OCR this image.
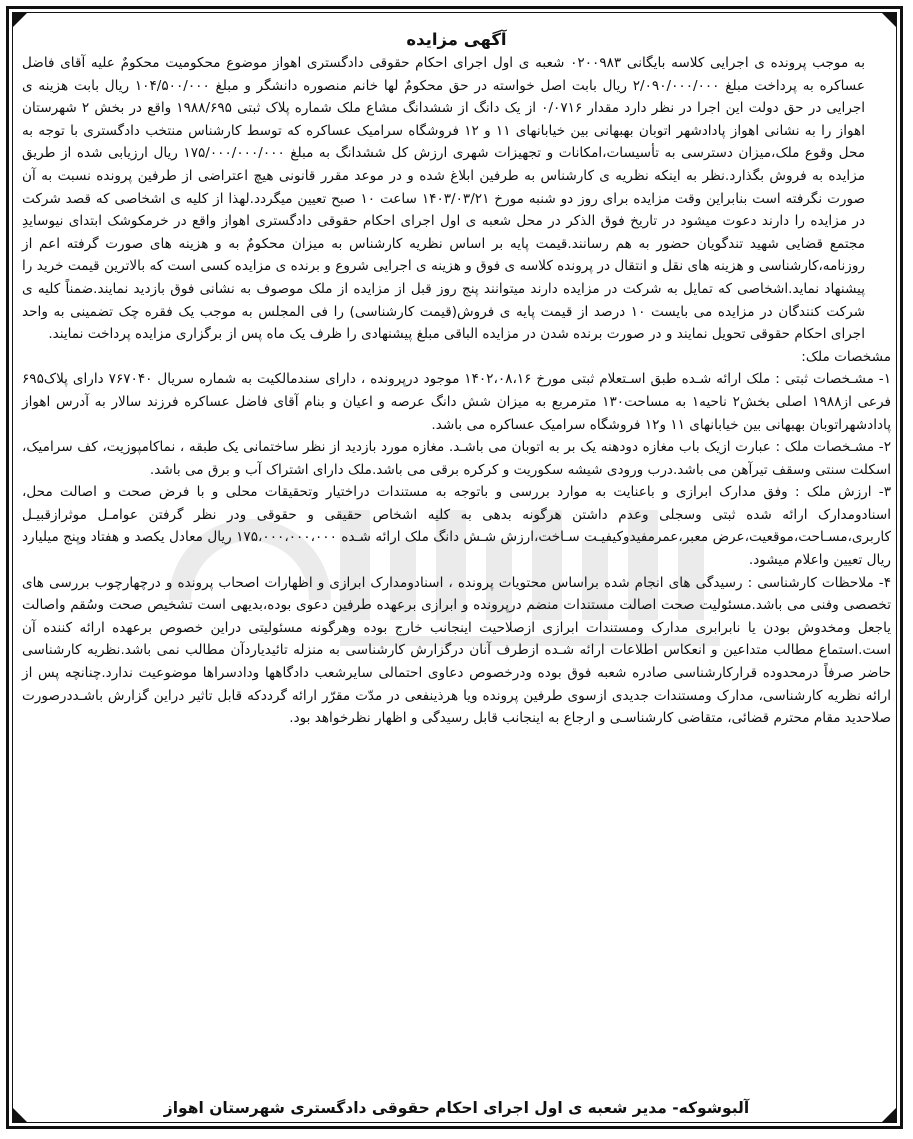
آگهی مزایده
به موجب پرونده ی اجرایی کلاسه بایگانی ۰۲۰۰۹۸۳ شعبه ی اول اجرای احکام حقوقی دادگستری اهواز موضوع محکومیت محکومٌ علیه آقای فاضل عساکره به پرداخت مبلغ ۲/۰۹۰/۰۰۰/۰۰۰ ریال بابت اصل خواسته در حق محکومٌ لها خانم منصوره دانشگر و مبلغ ۱۰۴/۵۰۰/۰۰۰ ریال بابت هزینه ی اجرایی در حق دولت این اجرا در نظر دارد مقدار ۰/۰۷۱۶ از یک دانگ از ششدانگ مشاع ملک شماره پلاک ثبتی ۱۹۸۸/۶۹۵ واقع در بخش ۲ شهرستان اهواز را به نشانی اهواز پادادشهر اتوبان بهبهانی بین خیابانهای ۱۱ و ۱۲ فروشگاه سرامیک عساکره که توسط کارشناس منتخب دادگستری با توجه به محل وقوع ملک،میزان دسترسی به تأسیسات،امکانات و تجهیزات شهری ارزش کل ششدانگ به مبلغ ۱۷۵/۰۰۰/۰۰۰/۰۰۰ ریال ارزیابی شده از طریق مزایده به فروش بگذارد.نظر به اینکه نظریه ی کارشناس به طرفین ابلاغ شده و در موعد مقرر قانونی هیچ اعتراضی از طرفین پرونده نسبت به آن صورت نگرفته است بنابراین وقت مزایده برای روز دو شنبه مورخ ۱۴۰۳/۰۳/۲۱ ساعت ۱۰ صبح تعیین میگردد.لهذا از کلیه ی اشخاصی که قصد شرکت در مزایده را دارند دعوت میشود در تاریخ فوق الذکر در محل شعبه ی اول اجرای احکام حقوقی دادگستری اهواز واقع در خرمکوشک ابتدای نیوسایدِ مجتمع قضایی شهید تندگویان حضور به هم رسانند.قیمت پایه بر اساس نظریه کارشناس به میزان محکومٌ به و هزینه های صورت گرفته اعم از روزنامه،کارشناسی و هزینه های نقل و انتقال در پرونده کلاسه ی فوق و هزینه ی اجرایی شروع و برنده ی مزایده کسی است که بالاترین قیمت خرید را پیشنهاد نماید.اشخاصی که تمایل به شرکت در مزایده دارند میتوانند پنج روز قبل از مزایده از ملک موصوف به نشانی فوق بازدید نمایند.ضمناً کلیه ی شرکت کنندگان در مزایده می بایست ۱۰ درصد از قیمت پایه ی فروش(قیمت کارشناسی) را فی المجلس به موجب یک فقره چک تضمینی به واحد اجرای احکام حقوقی تحویل نمایند و در صورت برنده شدن در مزایده الباقی مبلغ پیشنهادی را ظرف یک ماه پس از برگزاری مزایده پرداخت نمایند.
مشخصات ملک:
۱- مشـخصات ثبتی : ملک ارائه شـده طبق اسـتعلام ثبتی مورخ ۱۴۰۲،۰۸،۱۶ موجود درپرونده ، دارای سندمالکیت به شماره سریال ۷۶۷۰۴۰ دارای پلاک۶۹۵ فرعی از۱۹۸۸ اصلی بخش۲ ناحیه۱ به مساحت۱۳۰ مترمربع به میزان شش دانگ عرصه و اعیان و بنام آقای فاضل عساکره فرزند سالار به آدرس اهواز پادادشهراتوبان بهبهانی بین خیابانهای ۱۱ و۱۲ فروشگاه سرامیک عساکره می باشد.
۲- مشـخصات ملک : عبارت ازیک باب مغازه دودهنه یک بر به اتوبان می باشـد. مغازه مورد بازدید از نظر ساختمانی یک طبقه ، نماکامپوزیت، کف سرامیک، اسکلت سنتی وسقف تیرآهن می باشد.درب ورودی شیشه سکوریت و کرکره برقی می باشد.ملک دارای اشتراک آب و برق می باشد.
۳- ارزش ملک : وفق مدارک ابرازی و باعنایت به موارد بررسی و باتوجه به مستندات دراختیار وتحقیقات محلی و با فرض صحت و اصالت محل، اسنادومدارک ارائه شده ثبتی وسجلی وعدم داشتن هرگونه بدهی به کلیه اشخاص حقیقی و حقوقی ودر نظر گرفتن عوامـل موثرازقبیـل کاربری،مسـاحت،موقعیت،عرض معبر،عمرمفیدوکیفیـت سـاخت،ارزش شـش دانگ ملک ارائه شـده ۱۷۵،۰۰۰،۰۰۰،۰۰۰ ریال معادل یکصد و هفتاد وپنج میلیارد ریال تعیین واعلام میشود.
۴- ملاحظات کارشناسی : رسیدگی های انجام شده براساس محتویات پرونده ، اسنادومدارک ابرازی و اظهارات اصحاب پرونده و درچهارچوب بررسی های تخصصی وفنی می باشد.مسئولیت صحت اصالت مستندات منضم درپرونده و ابرازی برعهده طرفین دعوی بوده،بدیهی است تشخیص صحت وسُقم واصالت یاجعل ومخدوش بودن یا نابرابری مدارک ومستندات ابرازی ازصلاحیت اینجانب خارج بوده وهرگونه مسئولیتی دراین خصوص برعهده ارائه کننده آن است.استماع مطالب متداعین و انعکاس اطلاعات ارائه شـده ازطرف آنان درگزارش کارشناسی به منزله تائیدیاردآن مطالب نمی باشد.نظریه کارشناسی حاضر صرفاً درمحدوده قرارکارشناسی صادره شعبه فوق بوده ودرخصوص دعاوی احتمالی سایرشعب دادگاهها ودادسراها موضوعیت ندارد.چنانچه پس از ارائه نظریه کارشناسی، مدارک ومستندات جدیدی ازسوی طرفین پرونده ویا هرذینفعی در مدّت مقرّر ارائه گرددکه قابل تاثیر دراین گزارش باشـددرصورت صلاحدید مقام محترم قضائی، متقاضی کارشناسـی و ارجاع به اینجانب قابل رسیدگی و اظهار نظرخواهد بود.
آلبوشوکه- مدیر شعبه ی اول اجرای احکام حقوقی دادگستری شهرستان اهواز
